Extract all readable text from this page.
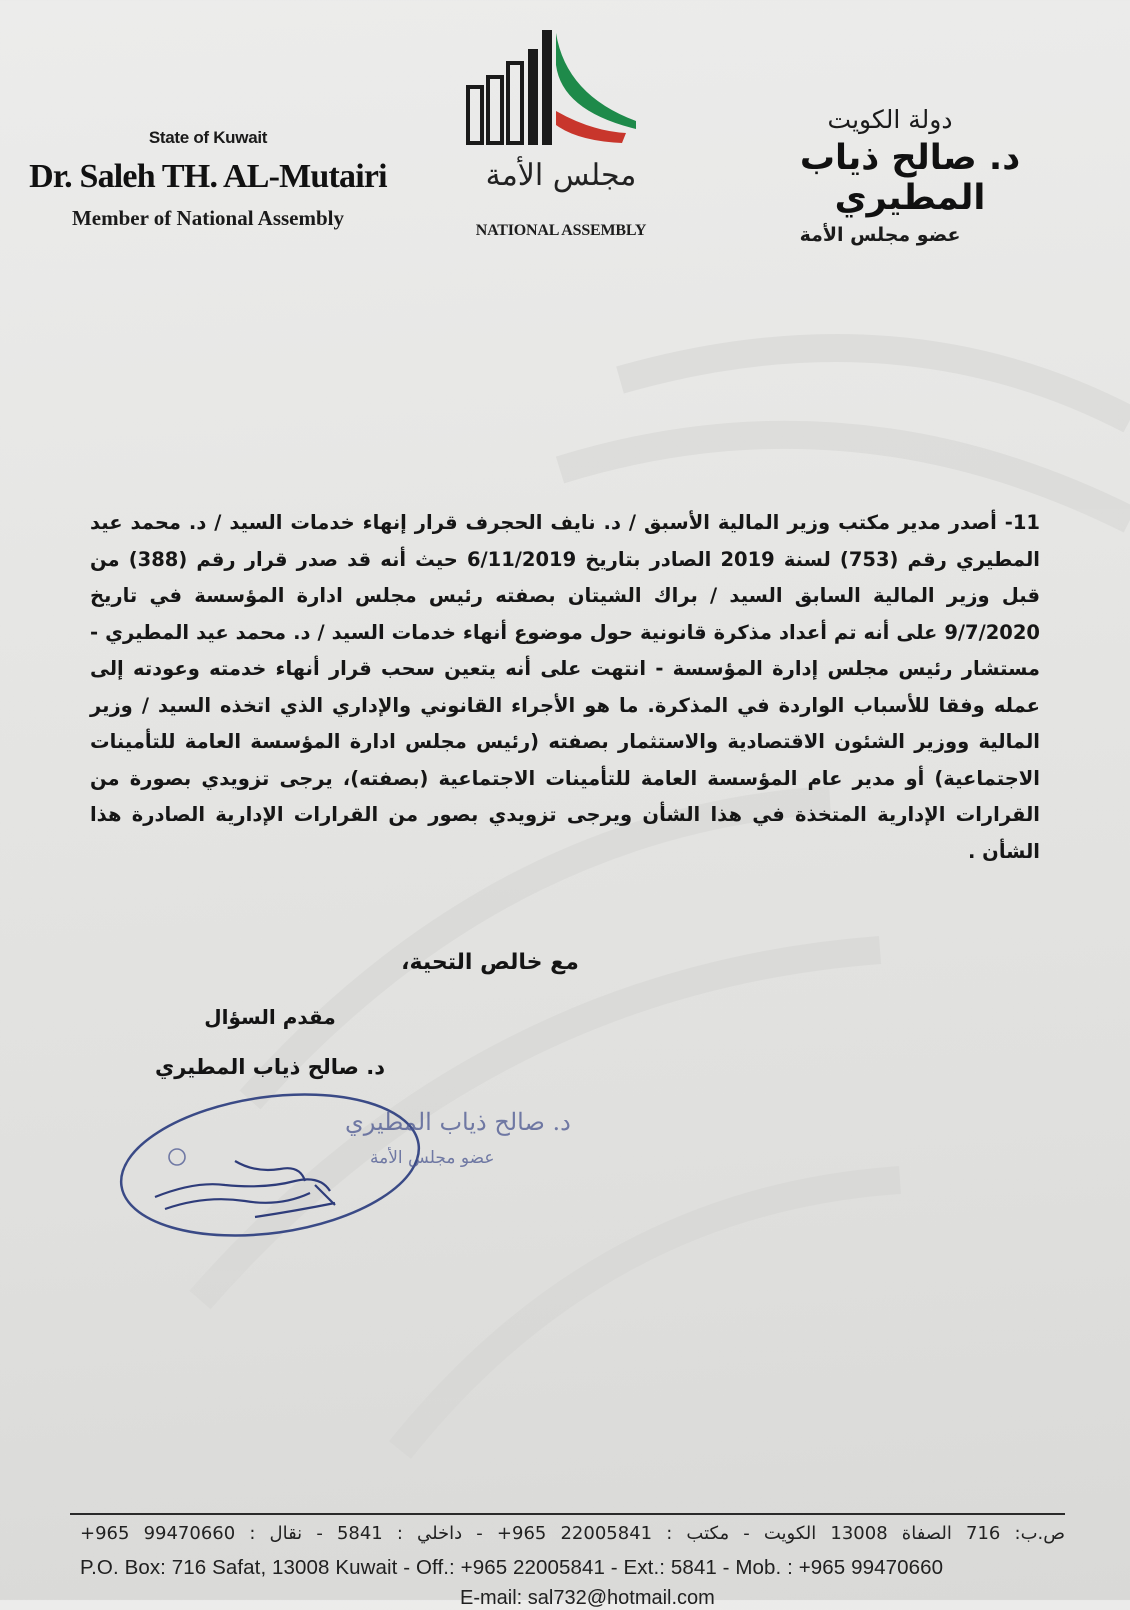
State of Kuwait
Dr. Saleh TH. AL-Mutairi
Member of National Assembly
مجلس الأمة
NATIONAL ASSEMBLY
دولة الكويت
د. صالح ذياب المطيري
عضو مجلس الأمة
11- أصدر مدير مكتب وزير المالية الأسبق / د. نايف الحجرف قرار إنهاء خدمات السيد / د. محمد عيد المطيري رقم (753) لسنة 2019 الصادر بتاريخ 6/11/2019 حيث أنه قد صدر قرار رقم (388) من قبل وزير المالية السابق السيد / براك الشيتان بصفته رئيس مجلس ادارة المؤسسة في تاريخ 9/7/2020 على أنه تم أعداد مذكرة قانونية حول موضوع أنهاء خدمات السيد / د. محمد عيد المطيري - مستشار رئيس مجلس إدارة المؤسسة - انتهت على أنه يتعين سحب قرار أنهاء خدمته وعودته إلى عمله وفقا للأسباب الواردة في المذكرة. ما هو الأجراء القانوني والإداري الذي اتخذه السيد / وزير المالية ووزير الشئون الاقتصادية والاستثمار بصفته (رئيس مجلس ادارة المؤسسة العامة للتأمينات الاجتماعية) أو مدير عام المؤسسة العامة للتأمينات الاجتماعية (بصفته)، يرجى تزويدي بصورة من القرارات الإدارية المتخذة في هذا الشأن ويرجى تزويدي بصور من القرارات الإدارية الصادرة هذا الشأن .
مع خالص التحية،
مقدم السؤال
د. صالح ذياب المطيري
د. صالح ذياب المطيري
عضو مجلس الأمة
ص.ب: 716 الصفاة 13008 الكويت - مكتب : 22005841 965+ - داخلي : 5841 - نقال : 99470660 965+
P.O. Box: 716 Safat, 13008 Kuwait - Off.: +965 22005841 - Ext.: 5841 - Mob. : +965 99470660
E-mail: sal732@hotmail.com
